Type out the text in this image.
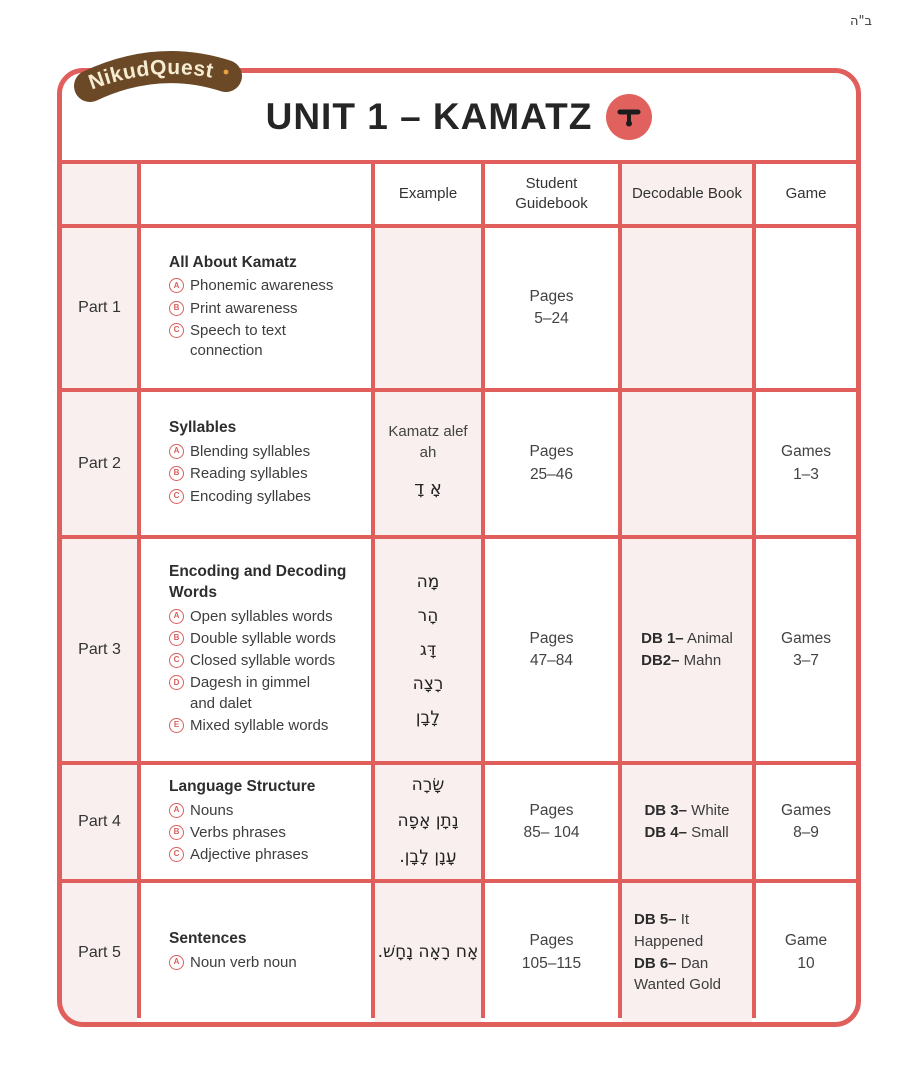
ב"ה
NikudQuest
UNIT 1 – KAMATZ
Example
Student Guidebook
Decodable Book	Game
Part 1
All About Kamatz
A Phonemic awareness
B Print awareness
C Speech to text connection
Pages
5–24
Part 2
Syllables
A Blending syllables
B Reading syllables
C Encoding syllabes
Kamatz alef ah
אָ דָ
Pages
25–46
Games
1–3
Part 3
Encoding and Decoding Words
A Open syllables words
B Double syllable words
C Closed syllable words
D Dagesh in gimmel and dalet
E Mixed syllable words
מָה
הָר
דָּג
רָצָה
לָבָן
Pages
47–84
DB 1– Animal
DB2– Mahn
Games
3–7
Part 4
Language Structure
A Nouns
B Verbs phrases
C Adjective phrases
שָׂרָה
נָתָן אָפָה
עָנָן לָבָן.
Pages
85– 104
DB 3– White
DB 4– Small
Games
8–9
Part 5
Sentences
A Noun verb noun
אָח רָאָה נָחָשׁ.
Pages
105–115
DB 5– It Happened
DB 6– Dan Wanted Gold
Game
10
